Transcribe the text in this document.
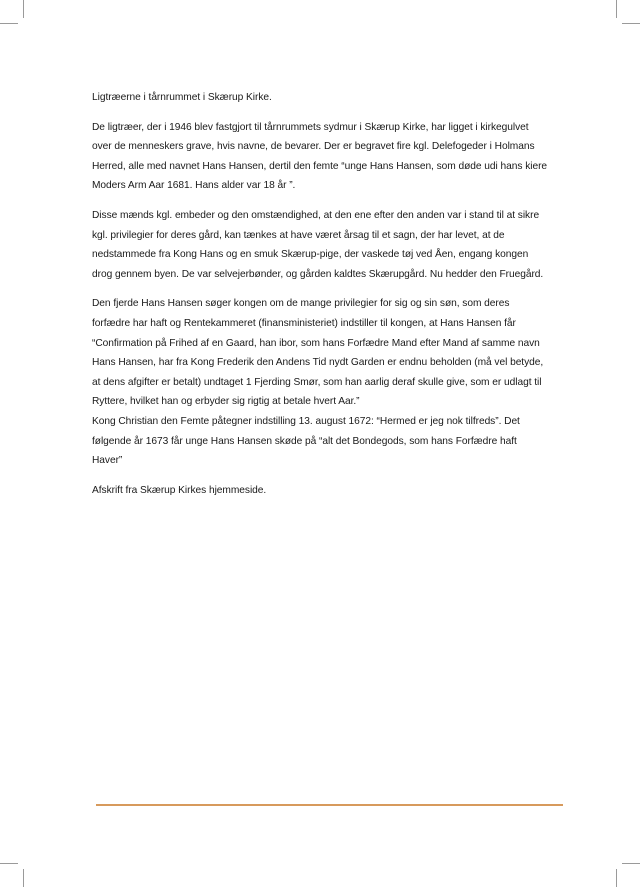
Ligtræerne i tårnrummet i Skærup Kirke.

De ligtræer, der i 1946 blev fastgjort til tårnrummets sydmur i Skærup Kirke, har ligget i kirkegulvet over de menneskers grave, hvis navne, de bevarer. Der er begravet fire kgl. Delefogeder i Holmans Herred, alle med navnet Hans Hansen, dertil den femte “unge Hans Hansen, som døde udi hans kiere Moders Arm Aar 1681. Hans alder var 18 år ”.

Disse mænds kgl. embeder og den omstændighed, at den ene efter den anden var i stand til at sikre kgl. privilegier for deres gård, kan tænkes at have været årsag til et sagn, der har levet, at de nedstammede fra Kong Hans og en smuk Skærup-pige, der vaskede tøj ved Åen, engang kongen drog gennem byen. De var selvejerbønder, og gården kaldtes Skærupgård. Nu hedder den Fruegård.

Den fjerde Hans Hansen søger kongen om de mange privilegier for sig og sin søn, som deres forfædre har haft og Rentekammeret (finansministeriet) indstiller til kongen, at Hans Hansen får “Confirmation på Frihed af en Gaard, han ibor, som hans Forfædre Mand efter Mand af samme navn Hans Hansen, har fra Kong Frederik den Andens Tid nydt Garden er endnu beholden (må vel betyde, at dens afgifter er betalt) undtaget 1 Fjerding Smør, som han aarlig deraf skulle give, som er udlagt til Ryttere, hvilket han og erbyder sig rigtig at betale hvert Aar.”

Kong Christian den Femte påtegner indstilling 13. august 1672: “Hermed er jeg nok tilfreds”. Det følgende år 1673 får unge Hans Hansen skøde på “alt det Bondegods, som hans Forfædre haft Haver”

Afskrift fra Skærup Kirkes hjemmeside.
